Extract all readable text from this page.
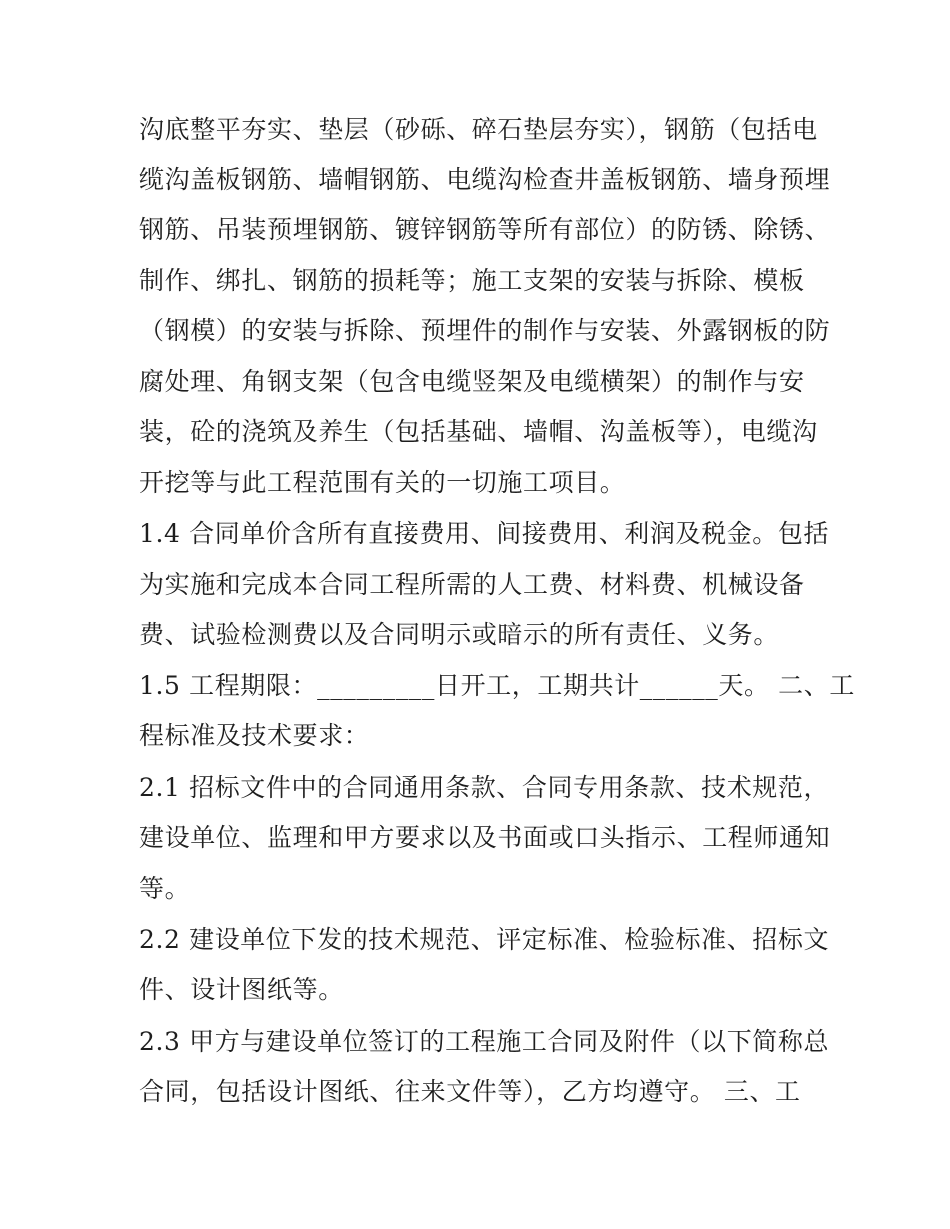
沟底整平夯实、垫层（砂砾、碎石垫层夯实），钢筋（包括电
缆沟盖板钢筋、墙帽钢筋、电缆沟检查井盖板钢筋、墙身预埋
钢筋、吊装预埋钢筋、镀锌钢筋等所有部位）的防锈、除锈、
制作、绑扎、钢筋的损耗等；施工支架的安装与拆除、模板
（钢模）的安装与拆除、预埋件的制作与安装、外露钢板的防
腐处理、角钢支架（包含电缆竖架及电缆横架）的制作与安
装，砼的浇筑及养生（包括基础、墙帽、沟盖板等），电缆沟
开挖等与此工程范围有关的一切施工项目。
1.4 合同单价含所有直接费用、间接费用、利润及税金。包括
为实施和完成本合同工程所需的人工费、材料费、机械设备
费、试验检测费以及合同明示或暗示的所有责任、义务。
1.5 工程期限：_________日开工，工期共计______天。 二、工
程标准及技术要求：
2.1 招标文件中的合同通用条款、合同专用条款、技术规范，
建设单位、监理和甲方要求以及书面或口头指示、工程师通知
等。
2.2 建设单位下发的技术规范、评定标准、检验标准、招标文
件、设计图纸等。
2.3 甲方与建设单位签订的工程施工合同及附件（以下简称总
合同，包括设计图纸、往来文件等），乙方均遵守。 三、工
